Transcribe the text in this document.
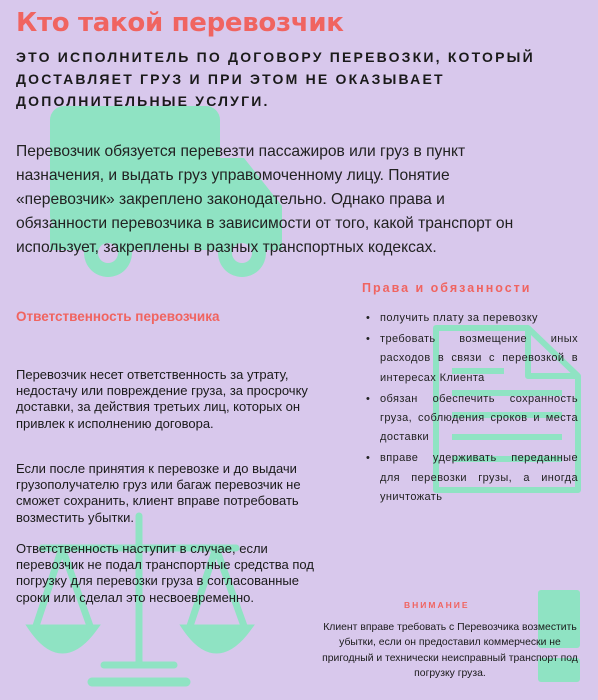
Кто такой перевозчик
ЭТО ИСПОЛНИТЕЛЬ ПО ДОГОВОРУ ПЕРЕВОЗКИ, КОТОРЫЙ ДОСТАВЛЯЕТ ГРУЗ И ПРИ ЭТОМ НЕ ОКАЗЫВАЕТ ДОПОЛНИТЕЛЬНЫЕ УСЛУГИ.
Перевозчик обязуется перевезти пассажиров или груз в пункт назначения, и выдать груз управомоченному лицу. Понятие «перевозчик» закреплено законодательно. Однако права и обязанности перевозчика в зависимости от того, какой транспорт он использует, закреплены в разных транспортных кодексах.
Ответственность перевозчика
Перевозчик несет ответственность за утрату, недостачу или повреждение груза, за просрочку доставки, за действия третьих лиц, которых он привлек к исполнению договора.
Если после принятия к перевозке и до выдачи грузополучателю груз или багаж перевозчик не сможет сохранить, клиент вправе потребовать возместить убытки.
Ответственность наступит в случае, если перевозчик не подал транспортные средства под погрузку для перевозки груза в согласованные сроки или сделал это несвоевременно.
Права и обязанности
• получить плату за перевозку
• требовать возмещение иных расходов в связи с перевозкой в интересах Клиента
• обязан обеспечить сохранность груза, соблюдения сроков и места доставки
• вправе удерживать переданные для перевозки грузы, а иногда уничтожать
ВНИМАНИЕ
Клиент вправе требовать с Перевозчика возместить убытки, если он предоставил коммерчески не пригодный и технически неисправный транспорт под погрузку груза.
